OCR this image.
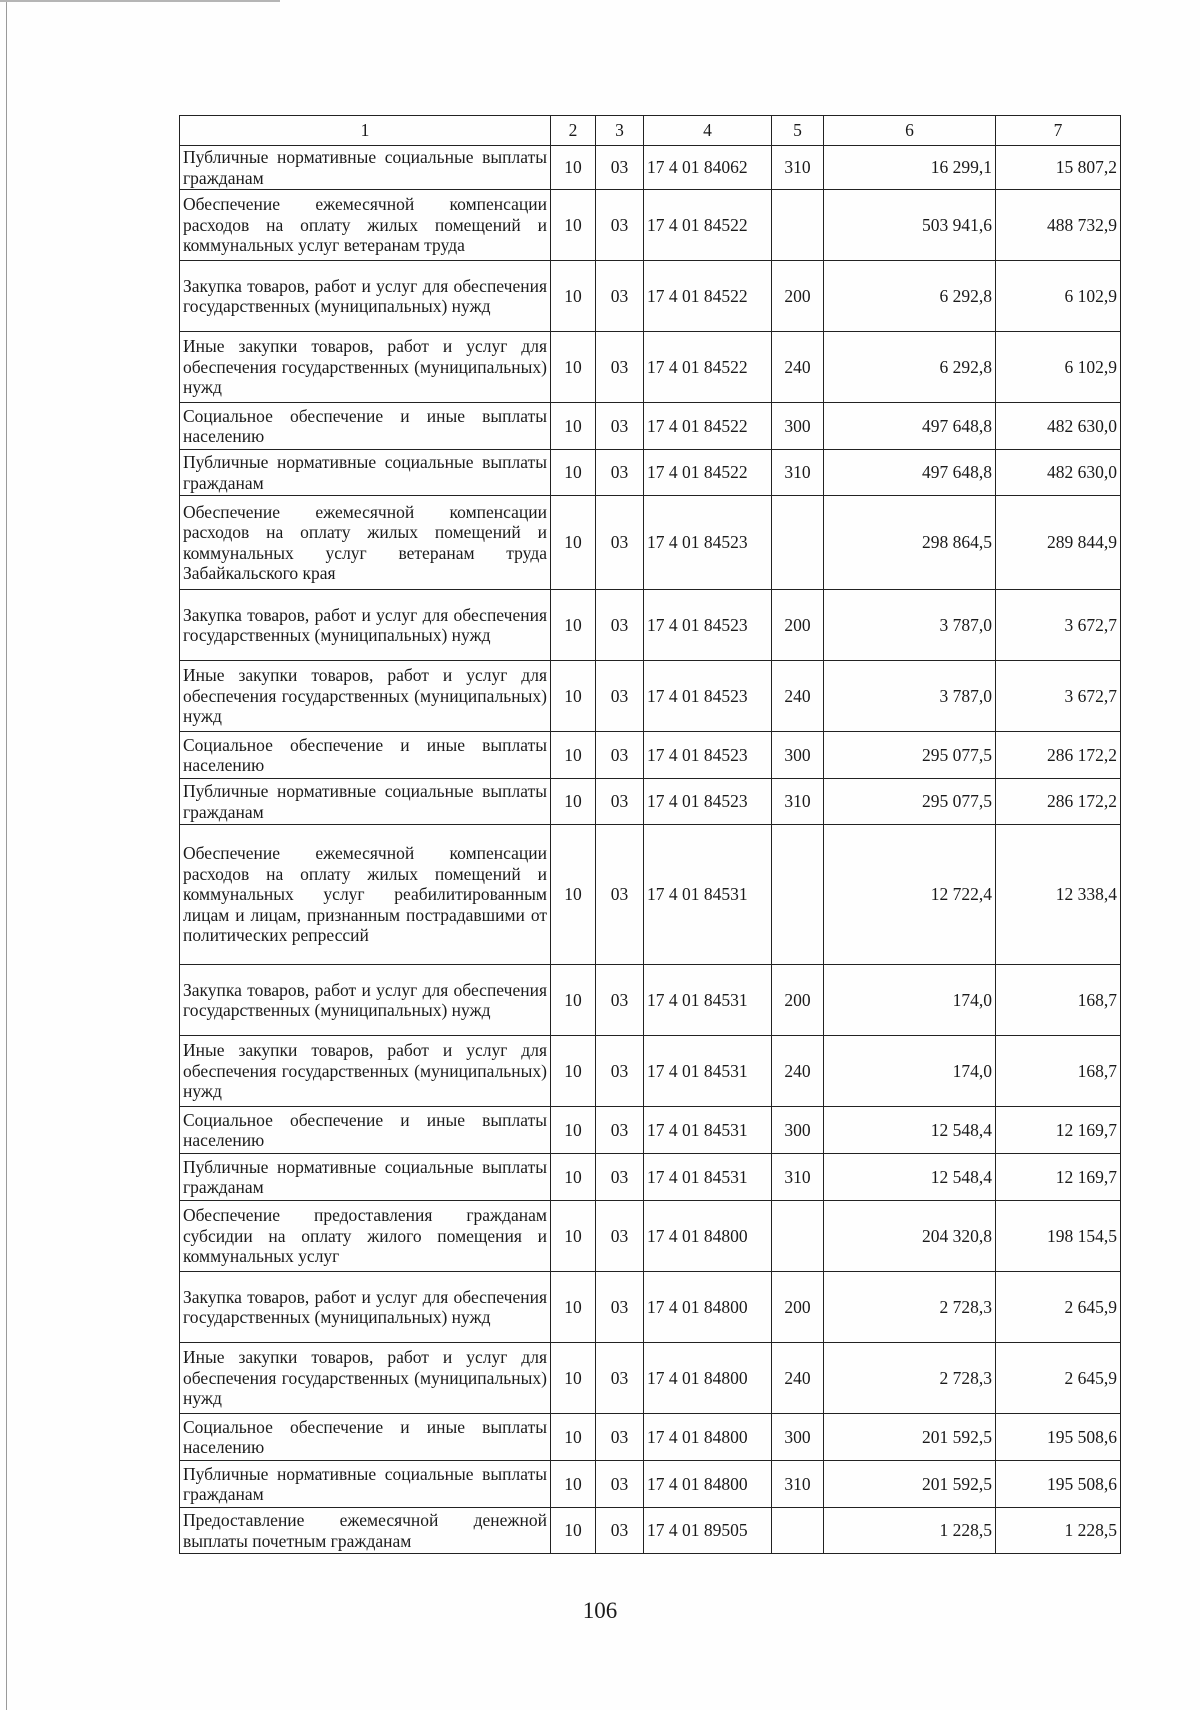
1	2	3	4	5	6	7
Публичные нормативные социальные выплаты гражданам	10	03	17 4 01 84062	310	16 299,1	15 807,2
Обеспечение ежемесячной компенсации расходов на оплату жилых помещений и коммунальных услуг ветеранам труда	10	03	17 4 01 84522		503 941,6	488 732,9
Закупка товаров, работ и услуг для обеспечения государственных (муниципальных) нужд	10	03	17 4 01 84522	200	6 292,8	6 102,9
Иные закупки товаров, работ и услуг для обеспечения государственных (муниципальных) нужд	10	03	17 4 01 84522	240	6 292,8	6 102,9
Социальное обеспечение и иные выплаты населению	10	03	17 4 01 84522	300	497 648,8	482 630,0
Публичные нормативные социальные выплаты гражданам	10	03	17 4 01 84522	310	497 648,8	482 630,0
Обеспечение ежемесячной компенсации расходов на оплату жилых помещений и коммунальных услуг ветеранам труда Забайкальского края	10	03	17 4 01 84523		298 864,5	289 844,9
Закупка товаров, работ и услуг для обеспечения государственных (муниципальных) нужд	10	03	17 4 01 84523	200	3 787,0	3 672,7
Иные закупки товаров, работ и услуг для обеспечения государственных (муниципальных) нужд	10	03	17 4 01 84523	240	3 787,0	3 672,7
Социальное обеспечение и иные выплаты населению	10	03	17 4 01 84523	300	295 077,5	286 172,2
Публичные нормативные социальные выплаты гражданам	10	03	17 4 01 84523	310	295 077,5	286 172,2
Обеспечение ежемесячной компенсации расходов на оплату жилых помещений и коммунальных услуг реабилитированным лицам и лицам, признанным пострадавшими от политических репрессий	10	03	17 4 01 84531		12 722,4	12 338,4
Закупка товаров, работ и услуг для обеспечения государственных (муниципальных) нужд	10	03	17 4 01 84531	200	174,0	168,7
Иные закупки товаров, работ и услуг для обеспечения государственных (муниципальных) нужд	10	03	17 4 01 84531	240	174,0	168,7
Социальное обеспечение и иные выплаты населению	10	03	17 4 01 84531	300	12 548,4	12 169,7
Публичные нормативные социальные выплаты гражданам	10	03	17 4 01 84531	310	12 548,4	12 169,7
Обеспечение предоставления гражданам субсидии на оплату жилого помещения и коммунальных услуг	10	03	17 4 01 84800		204 320,8	198 154,5
Закупка товаров, работ и услуг для обеспечения государственных (муниципальных) нужд	10	03	17 4 01 84800	200	2 728,3	2 645,9
Иные закупки товаров, работ и услуг для обеспечения государственных (муниципальных) нужд	10	03	17 4 01 84800	240	2 728,3	2 645,9
Социальное обеспечение и иные выплаты населению	10	03	17 4 01 84800	300	201 592,5	195 508,6
Публичные нормативные социальные выплаты гражданам	10	03	17 4 01 84800	310	201 592,5	195 508,6
Предоставление ежемесячной денежной выплаты почетным гражданам	10	03	17 4 01 89505		1 228,5	1 228,5
106
